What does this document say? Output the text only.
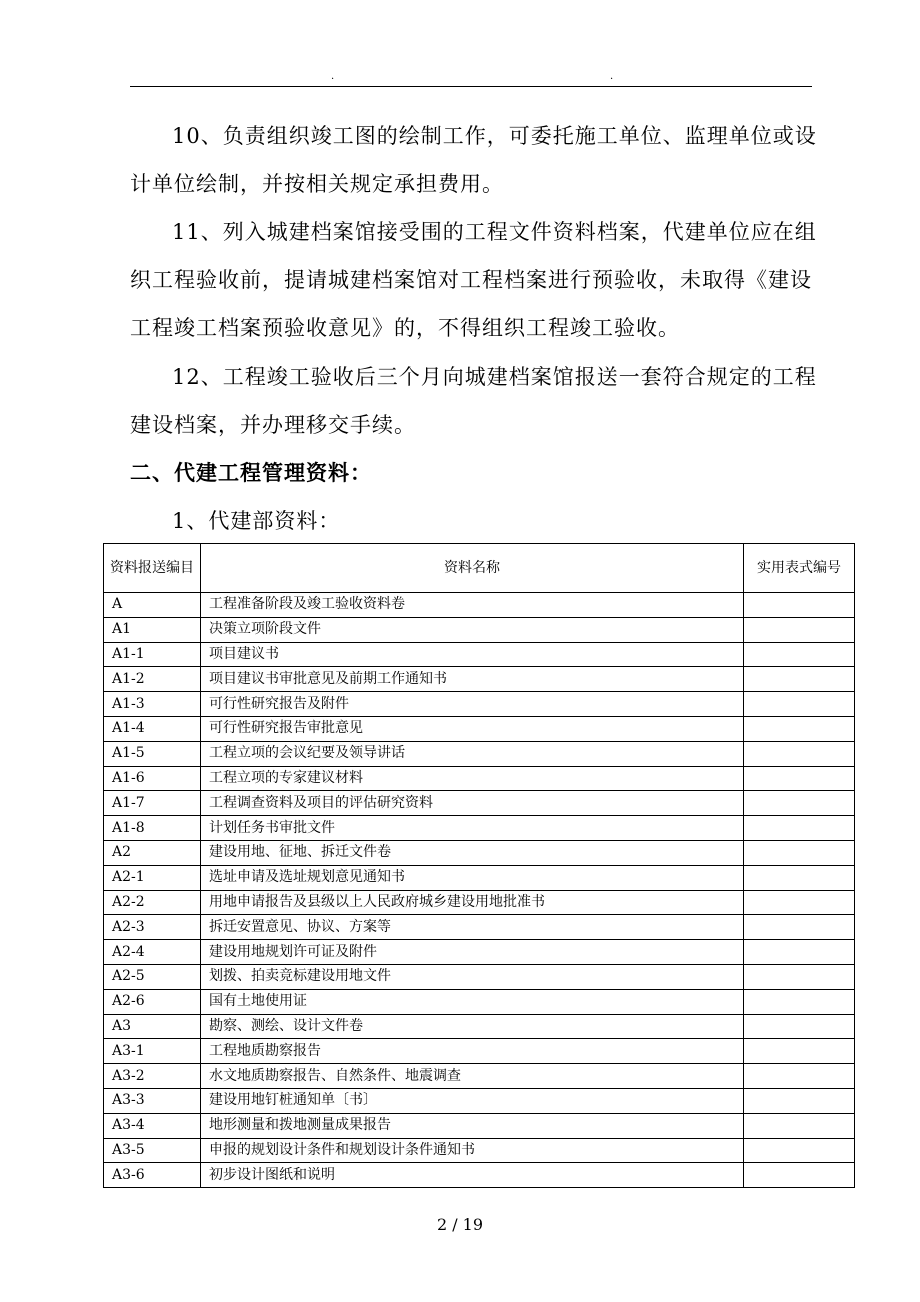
.	.

10、负责组织竣工图的绘制工作，可委托施工单位、监理单位或设计单位绘制，并按相关规定承担费用。

11、列入城建档案馆接受围的工程文件资料档案，代建单位应在组织工程验收前，提请城建档案馆对工程档案进行预验收，未取得《建设工程竣工档案预验收意见》的，不得组织工程竣工验收。

12、工程竣工验收后三个月向城建档案馆报送一套符合规定的工程建设档案，并办理移交手续。

二、代建工程管理资料：
1、代建部资料：
资料报送编目	资料名称	实用表式编号
A	工程准备阶段及竣工验收资料卷	
A1	决策立项阶段文件	
A1-1	项目建议书	
A1-2	项目建议书审批意见及前期工作通知书	
A1-3	可行性研究报告及附件	
A1-4	可行性研究报告审批意见	
A1-5	工程立项的会议纪要及领导讲话	
A1-6	工程立项的专家建议材料	
A1-7	工程调查资料及项目的评估研究资料	
A1-8	计划任务书审批文件	
A2	建设用地、征地、拆迁文件卷	
A2-1	选址申请及选址规划意见通知书	
A2-2	用地申请报告及县级以上人民政府城乡建设用地批准书	
A2-3	拆迁安置意见、协议、方案等	
A2-4	建设用地规划许可证及附件	
A2-5	划拨、拍卖竞标建设用地文件	
A2-6	国有土地使用证	
A3	勘察、测绘、设计文件卷	
A3-1	工程地质勘察报告	
A3-2	水文地质勘察报告、自然条件、地震调查	
A3-3	建设用地钉桩通知单〔书〕	
A3-4	地形测量和拨地测量成果报告	
A3-5	申报的规划设计条件和规划设计条件通知书	
A3-6	初步设计图纸和说明	
2 / 19
